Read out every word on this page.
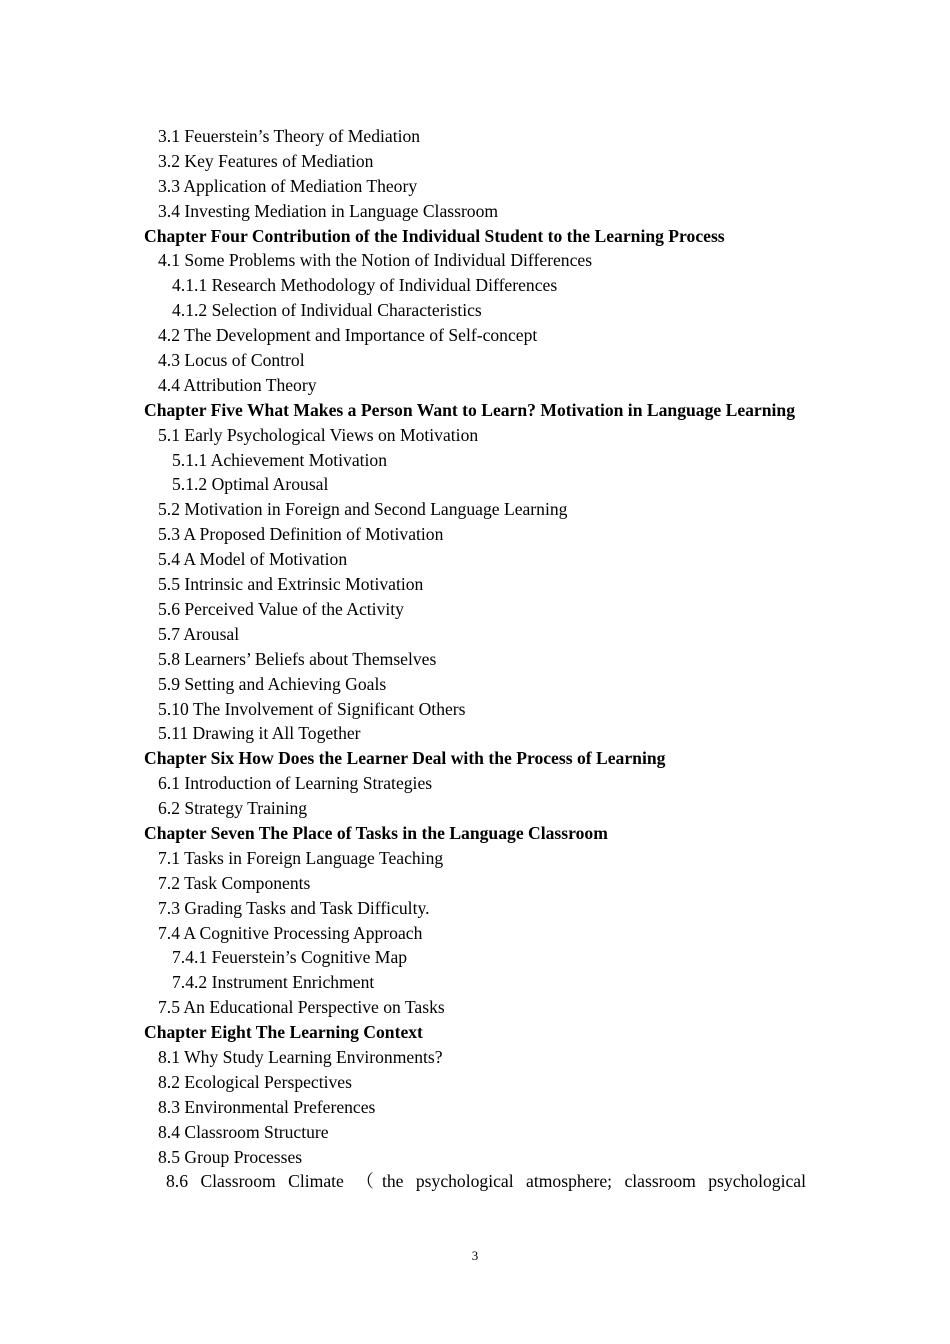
3.1 Feuerstein’s Theory of Mediation
3.2 Key Features of Mediation
3.3 Application of Mediation Theory
3.4 Investing Mediation in Language Classroom
Chapter Four Contribution of the Individual Student to the Learning Process
4.1 Some Problems with the Notion of Individual Differences
4.1.1 Research Methodology of Individual Differences
4.1.2 Selection of Individual Characteristics
4.2 The Development and Importance of Self-concept
4.3 Locus of Control
4.4 Attribution Theory
Chapter Five What Makes a Person Want to Learn? Motivation in Language Learning
5.1 Early Psychological Views on Motivation
5.1.1 Achievement Motivation
5.1.2 Optimal Arousal
5.2 Motivation in Foreign and Second Language Learning
5.3 A Proposed Definition of Motivation
5.4 A Model of Motivation
5.5 Intrinsic and Extrinsic Motivation
5.6 Perceived Value of the Activity
5.7 Arousal
5.8 Learners’ Beliefs about Themselves
5.9 Setting and Achieving Goals
5.10 The Involvement of Significant Others
5.11 Drawing it All Together
Chapter Six How Does the Learner Deal with the Process of Learning
6.1 Introduction of Learning Strategies
6.2 Strategy Training
Chapter Seven The Place of Tasks in the Language Classroom
7.1 Tasks in Foreign Language Teaching
7.2 Task Components
7.3 Grading Tasks and Task Difficulty.
7.4 A Cognitive Processing Approach
7.4.1 Feuerstein’s Cognitive Map
7.4.2 Instrument Enrichment
7.5 An Educational Perspective on Tasks
Chapter Eight The Learning Context
8.1 Why Study Learning Environments?
8.2 Ecological Perspectives
8.3 Environmental Preferences
8.4 Classroom Structure
8.5 Group Processes
8.6 Classroom Climate （the psychological atmosphere; classroom psychological
3
